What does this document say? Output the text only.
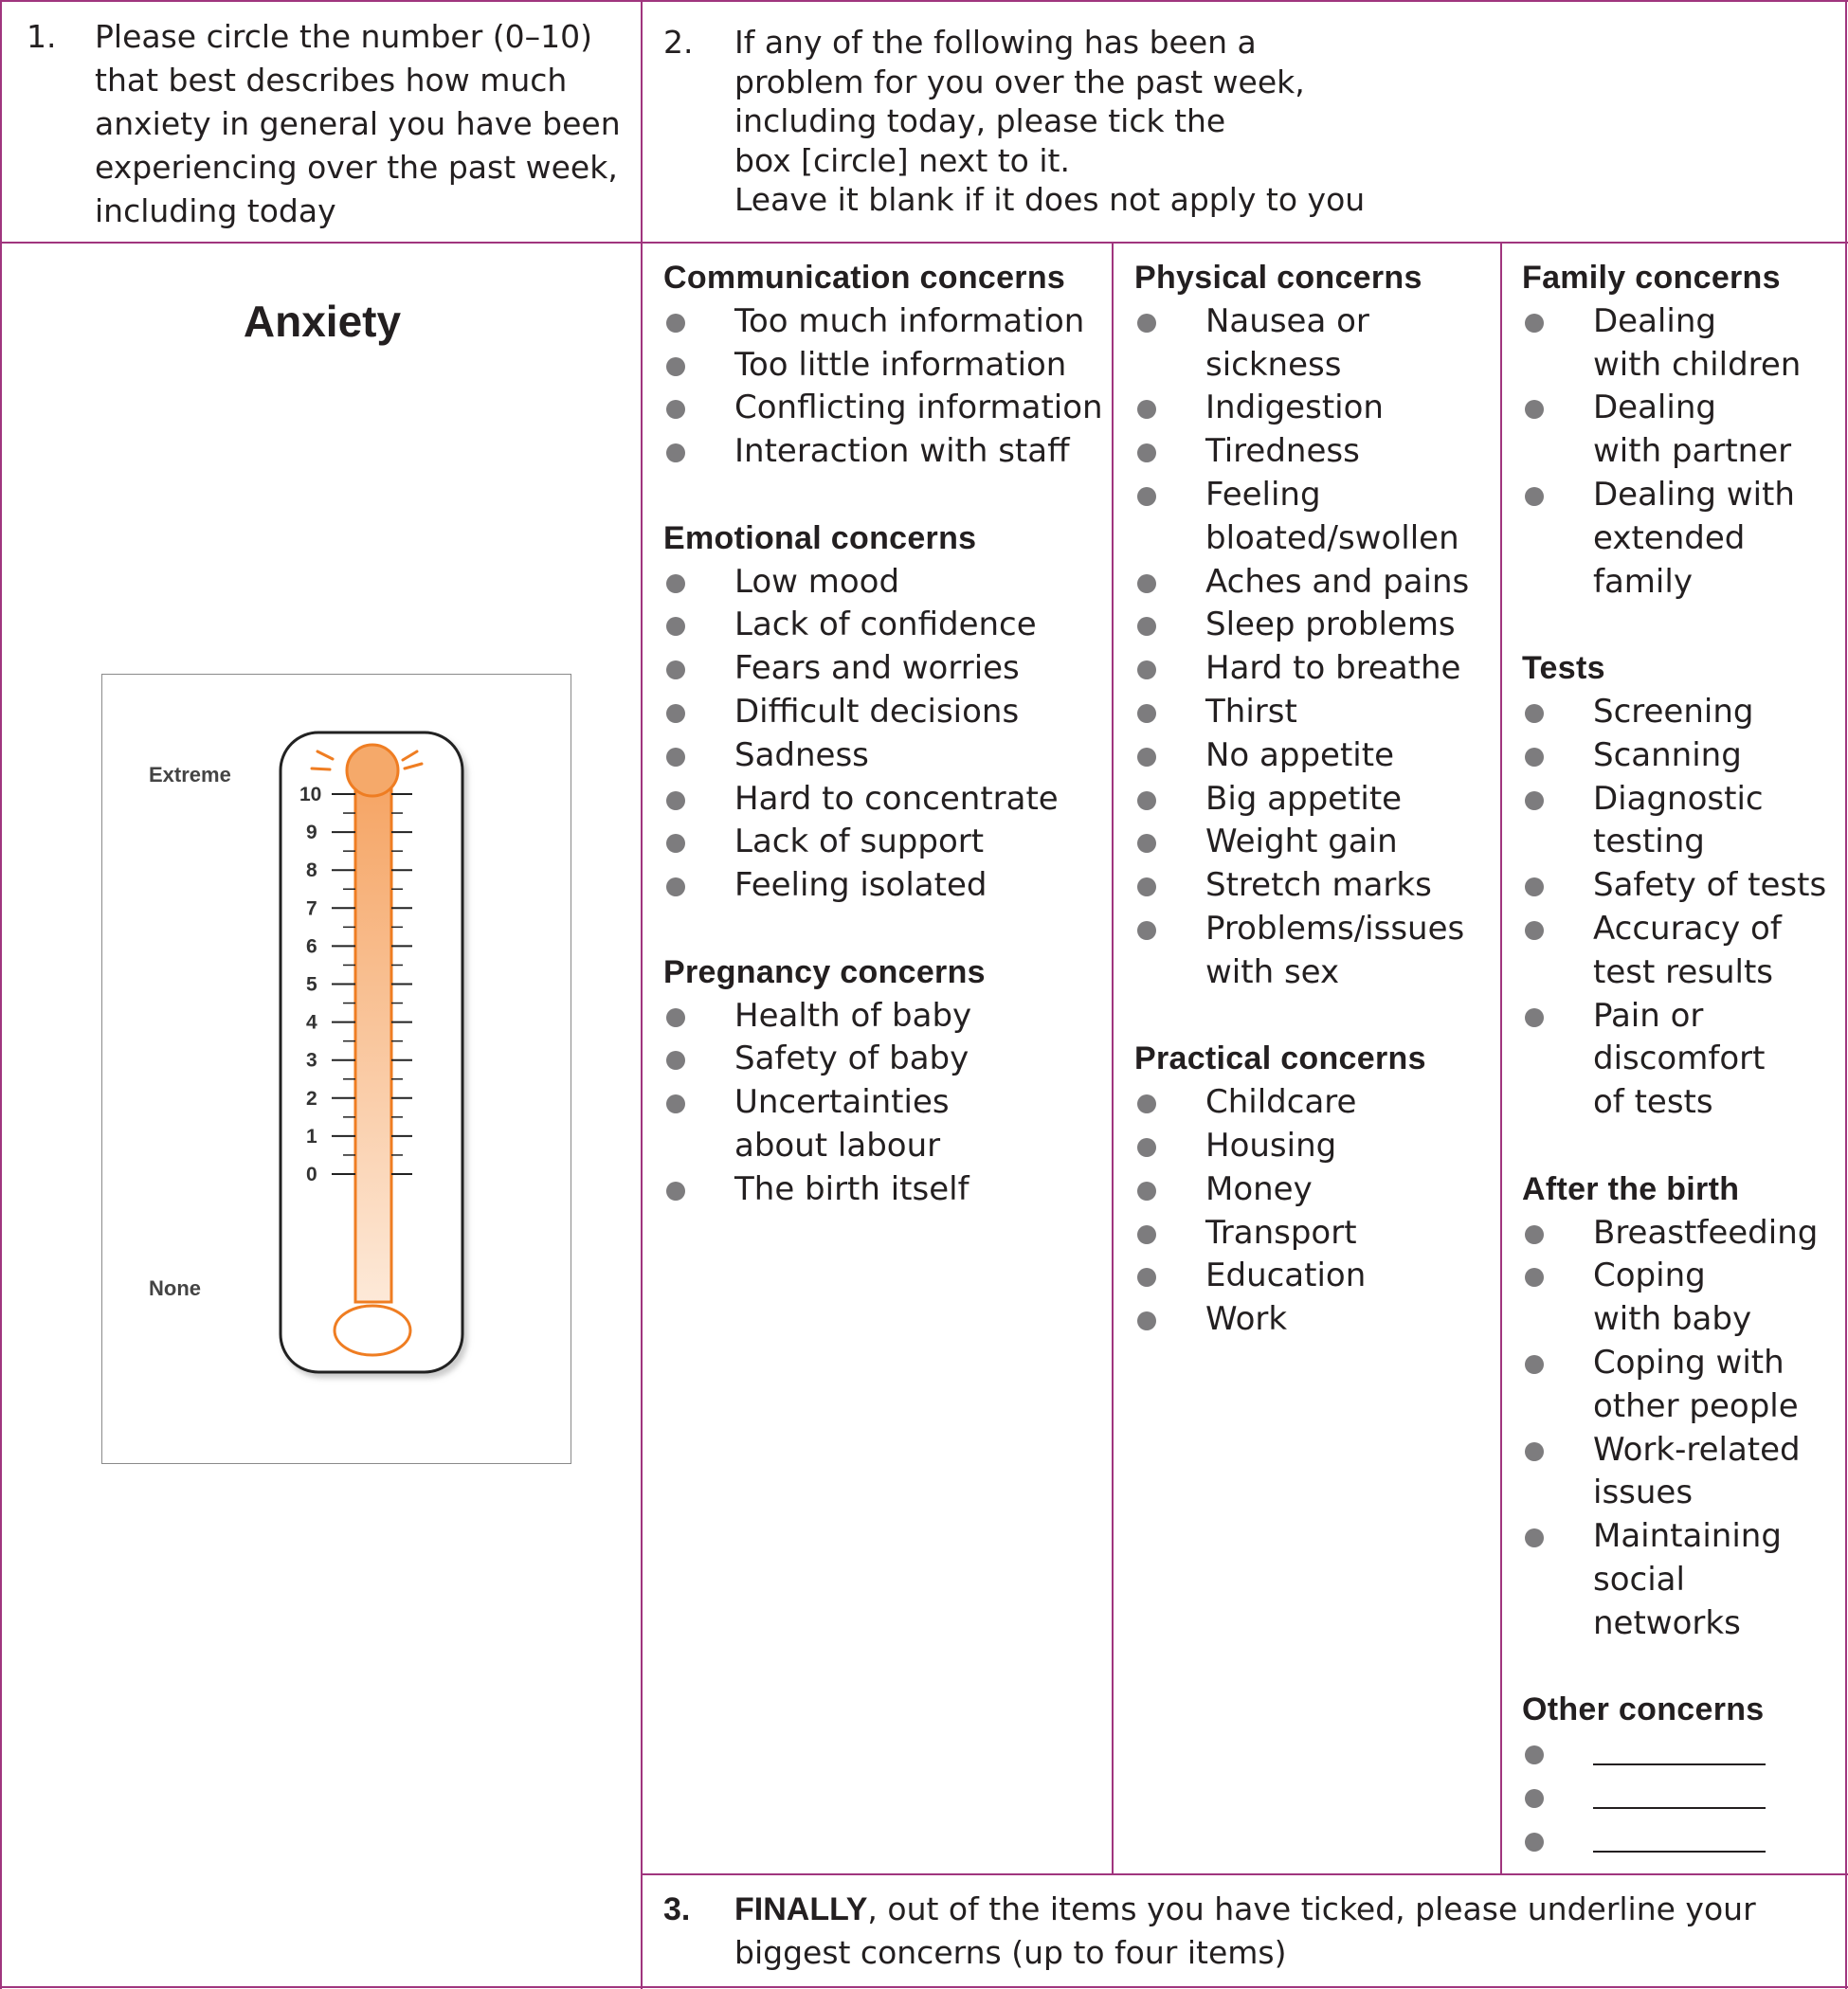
1. Please circle the number (0–10)
that best describes how much
anxiety in general you have been
experiencing over the past week,
including today
2. If any of the following has been a
problem for you over the past week,
including today, please tick the
box [circle] next to it.
Leave it blank if it does not apply to you
Anxiety
Extreme
None
10
9
8
7
6
5
4
3
2
1
0
Communication concerns
Too much information
Too little information
Conflicting information
Interaction with staff
Emotional concerns
Low mood
Lack of confidence
Fears and worries
Difficult decisions
Sadness
Hard to concentrate
Lack of support
Feeling isolated
Pregnancy concerns
Health of baby
Safety of baby
Uncertainties
about labour
The birth itself
Physical concerns
Nausea or
sickness
Indigestion
Tiredness
Feeling
bloated/swollen
Aches and pains
Sleep problems
Hard to breathe
Thirst
No appetite
Big appetite
Weight gain
Stretch marks
Problems/issues
with sex
Practical concerns
Childcare
Housing
Money
Transport
Education
Work
Family concerns
Dealing
with children
Dealing
with partner
Dealing with
extended
family
Tests
Screening
Scanning
Diagnostic
testing
Safety of tests
Accuracy of
test results
Pain or
discomfort
of tests
After the birth
Breastfeeding
Coping
with baby
Coping with
other people
Work-related
issues
Maintaining
social
networks
Other concerns
3. FINALLY, out of the items you have ticked, please underline your
biggest concerns (up to four items)
